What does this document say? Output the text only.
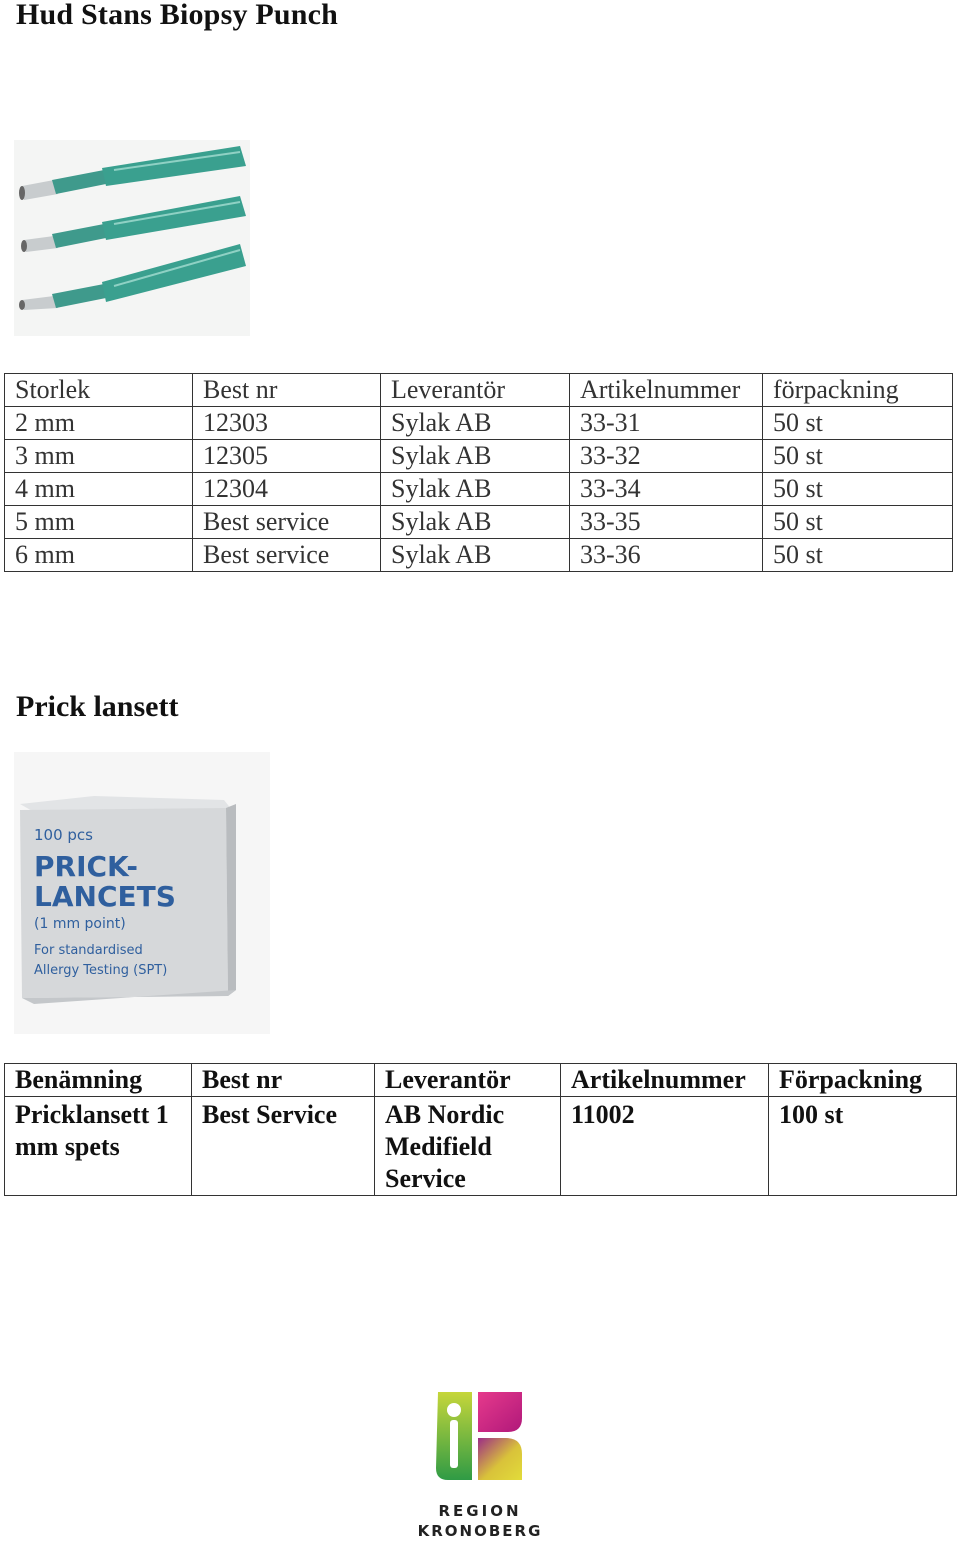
Hud Stans Biopsy Punch
Storlek	Best nr	Leverantör	Artikelnummer	förpackning
2 mm	12303	Sylak AB	33-31	50 st
3 mm	12305	Sylak AB	33-32	50 st
4 mm	12304	Sylak AB	33-34	50 st
5 mm	Best service	Sylak AB	33-35	50 st
6 mm	Best service	Sylak AB	33-36	50 st
Prick lansett
100 pcs
PRICK-
LANCETS
(1 mm point)
For standardised
Allergy Testing (SPT)
Benämning	Best nr	Leverantör	Artikelnummer	Förpackning
Pricklansett 1 mm spets	Best Service	AB Nordic Medifield Service	11002	100 st
REGION
KRONOBERG
